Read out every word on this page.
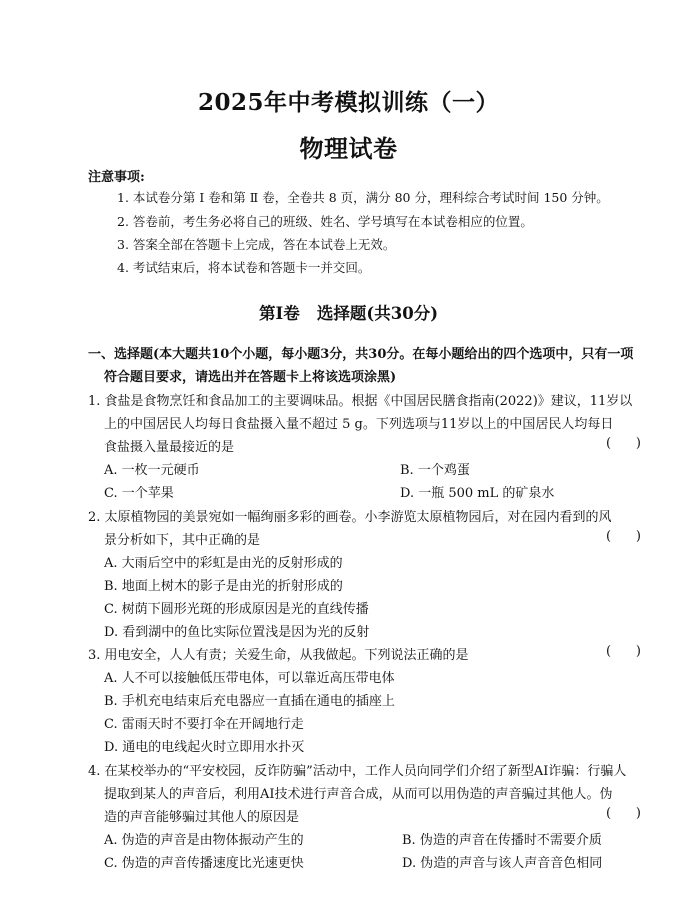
2025年中考模拟训练（一）
物理试卷
注意事项:
1. 本试卷分第 Ⅰ 卷和第 Ⅱ 卷，全卷共 8 页，满分 80 分，理科综合考试时间 150 分钟。
2. 答卷前，考生务必将自己的班级、姓名、学号填写在本试卷相应的位置。
3. 答案全部在答题卡上完成，答在本试卷上无效。
4. 考试结束后，将本试卷和答题卡一并交回。
第Ⅰ卷   选择题(共30分)
一、选择题(本大题共10个小题，每小题3分，共30分。在每小题给出的四个选项中，只有一项
符合题目要求，请选出并在答题卡上将该选项涂黑)
1. 食盐是食物烹饪和食品加工的主要调味品。根据《中国居民膳食指南(2022)》建议，11岁以
上的中国居民人均每日食盐摄入量不超过 5 g。下列选项与11岁以上的中国居民人均每日
食盐摄入量最接近的是	(      )
A. 一枚一元硬币	B. 一个鸡蛋
C. 一个苹果	D. 一瓶 500 mL 的矿泉水
2. 太原植物园的美景宛如一幅绚丽多彩的画卷。小李游览太原植物园后，对在园内看到的风
景分析如下，其中正确的是	(      )
A. 大雨后空中的彩虹是由光的反射形成的
B. 地面上树木的影子是由光的折射形成的
C. 树荫下圆形光斑的形成原因是光的直线传播
D. 看到湖中的鱼比实际位置浅是因为光的反射
3. 用电安全，人人有责；关爱生命，从我做起。下列说法正确的是	(      )
A. 人不可以接触低压带电体，可以靠近高压带电体
B. 手机充电结束后充电器应一直插在通电的插座上
C. 雷雨天时不要打伞在开阔地行走
D. 通电的电线起火时立即用水扑灭
4. 在某校举办的“平安校园，反诈防骗”活动中，工作人员向同学们介绍了新型AI诈骗：行骗人
提取到某人的声音后，利用AI技术进行声音合成，从而可以用伪造的声音骗过其他人。伪
造的声音能够骗过其他人的原因是	(      )
A. 伪造的声音是由物体振动产生的	B. 伪造的声音在传播时不需要介质
C. 伪造的声音传播速度比光速更快	D. 伪造的声音与该人声音音色相同
